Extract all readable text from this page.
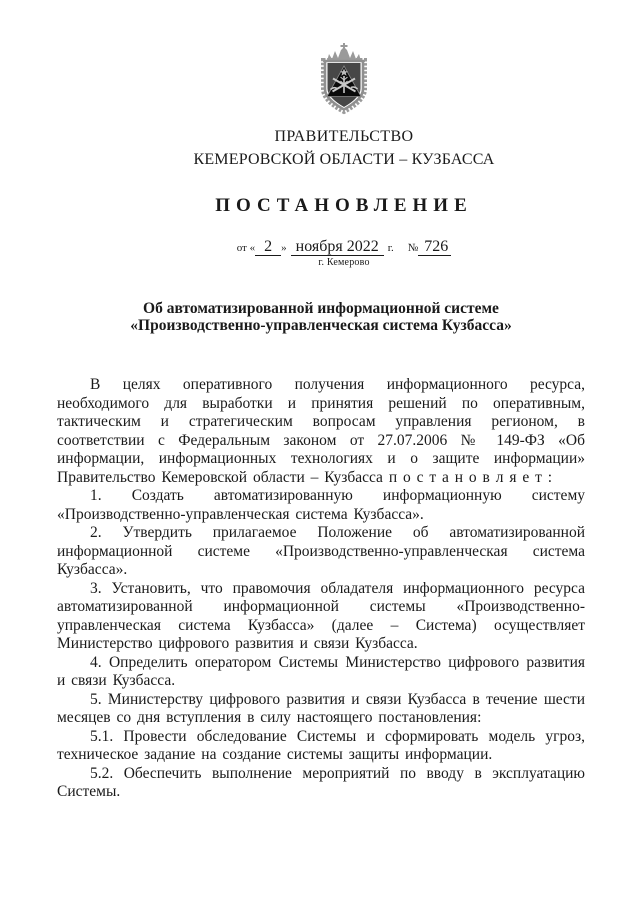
ПРАВИТЕЛЬСТВО
КЕМЕРОВСКОЙ ОБЛАСТИ – КУЗБАССА
ПОСТАНОВЛЕНИЕ
от « 2 » ноября 2022 г. № 726
г. Кемерово
Об автоматизированной информационной системе
«Производственно-управленческая система Кузбасса»

В целях оперативного получения информационного ресурса, необходимого для выработки и принятия решений по оперативным, тактическим и стратегическим вопросам управления регионом, в соответствии с Федеральным законом от 27.07.2006 № 149-ФЗ «Об информации, информационных технологиях и о защите информации» Правительство Кемеровской области – Кузбасса п о с т а н о в л я е т :

1. Создать автоматизированную информационную систему «Производственно-управленческая система Кузбасса».

2. Утвердить прилагаемое Положение об автоматизированной информационной системе «Производственно-управленческая система Кузбасса».

3. Установить, что правомочия обладателя информационного ресурса автоматизированной информационной системы «Производственно-управленческая система Кузбасса» (далее – Система) осуществляет Министерство цифрового развития и связи Кузбасса.

4. Определить оператором Системы Министерство цифрового развития и связи Кузбасса.

5. Министерству цифрового развития и связи Кузбасса в течение шести месяцев со дня вступления в силу настоящего постановления:

5.1. Провести обследование Системы и сформировать модель угроз, техническое задание на создание системы защиты информации.

5.2. Обеспечить выполнение мероприятий по вводу в эксплуатацию Системы.
